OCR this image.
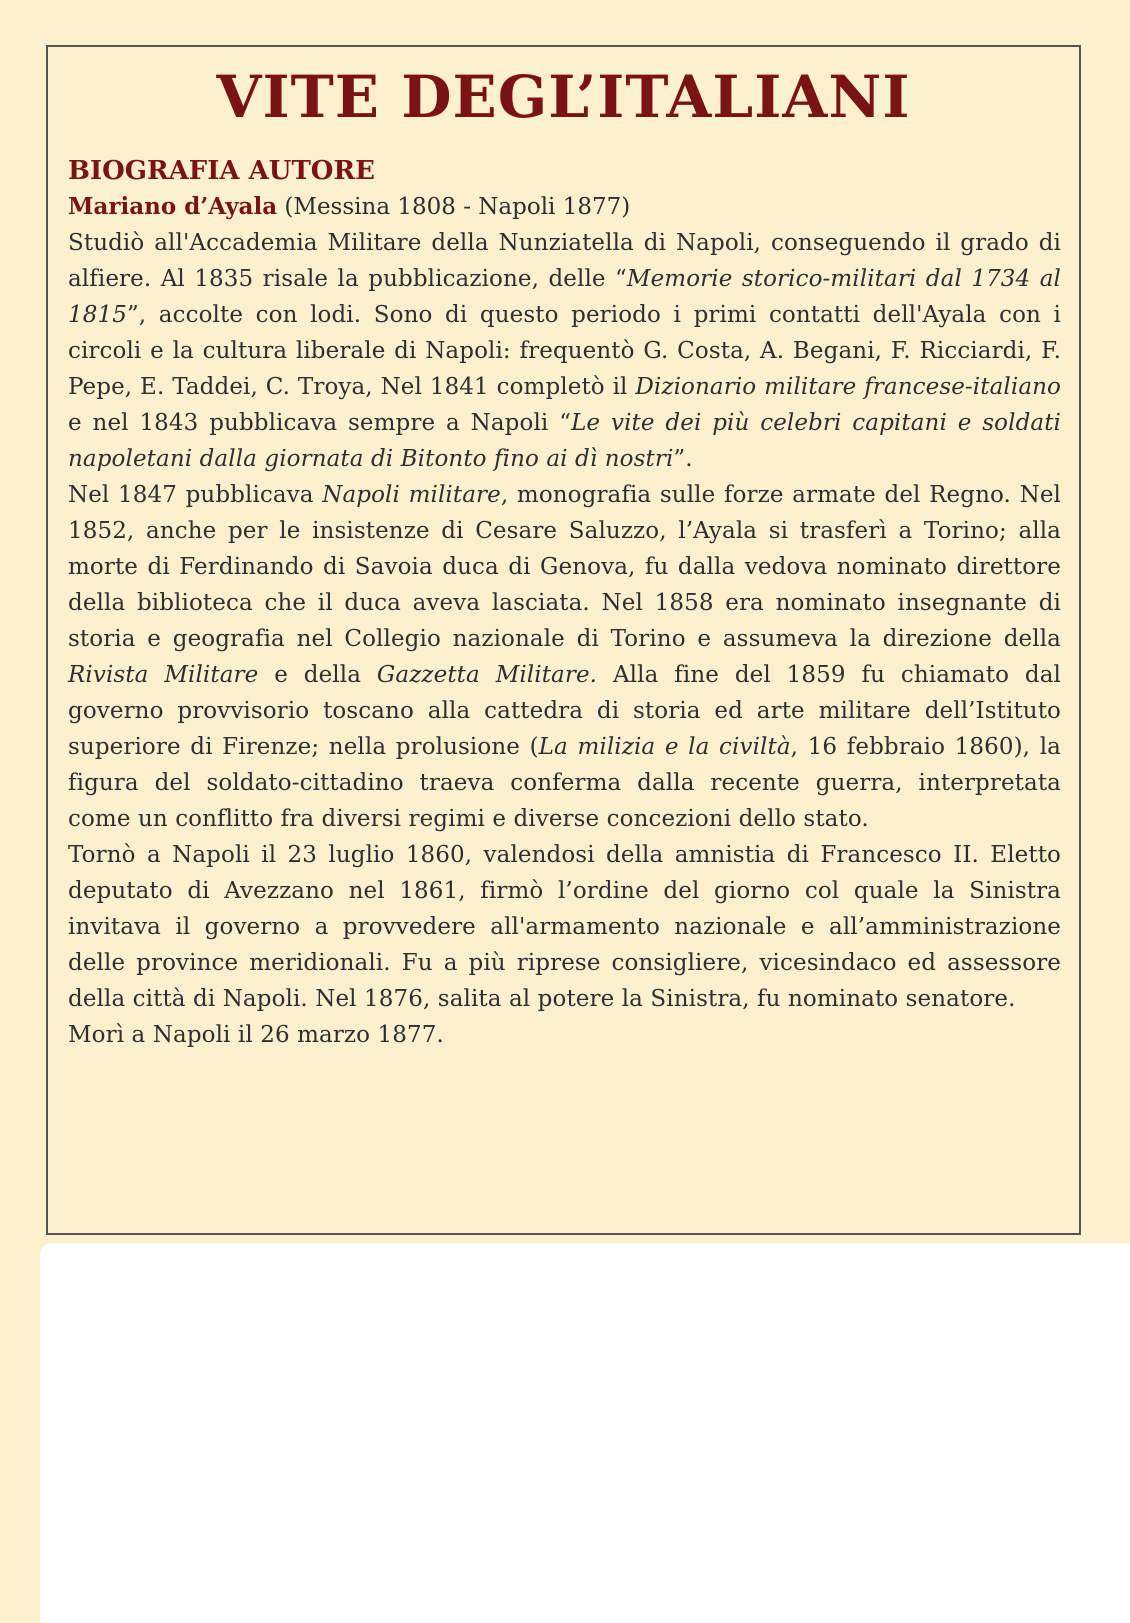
VITE DEGL’ITALIANI
BIOGRAFIA AUTORE

Mariano d’Ayala (Messina 1808 - Napoli 1877)

Studiò all'Accademia Militare della Nunziatella di Napoli, conseguendo il grado di alfiere. Al 1835 risale la pubblicazione, delle “Memorie storico-militari dal 1734 al 1815”, accolte con lodi. Sono di questo periodo i primi contatti dell'Ayala con i circoli e la cultura liberale di Napoli: frequentò G. Costa, A. Begani, F. Ricciardi, F. Pepe, E. Taddei, C. Troya, Nel 1841 completò il Dizionario militare francese-italiano e nel 1843 pubblicava sempre a Napoli “Le vite dei più celebri capitani e soldati napoletani dalla giornata di Bitonto fino ai dì nostri”.

Nel 1847 pubblicava Napoli militare, monografia sulle forze armate del Regno. Nel 1852, anche per le insistenze di Cesare Saluzzo, l’Ayala si trasferì a Torino; alla morte di Ferdinando di Savoia duca di Genova, fu dalla vedova nominato direttore della biblioteca che il duca aveva lasciata. Nel 1858 era nominato insegnante di storia e geografia nel Collegio nazionale di Torino e assumeva la direzione della Rivista Militare e della Gazzetta Militare. Alla fine del 1859 fu chiamato dal governo provvisorio toscano alla cattedra di storia ed arte militare dell’Istituto superiore di Firenze; nella prolusione (La milizia e la civiltà, 16 febbraio 1860), la figura del soldato-cittadino traeva conferma dalla recente guerra, interpretata come un conflitto fra diversi regimi e diverse concezioni dello stato.

Tornò a Napoli il 23 luglio 1860, valendosi della amnistia di Francesco II. Eletto deputato di Avezzano nel 1861, firmò l’ordine del giorno col quale la Sinistra invitava il governo a provvedere all'armamento nazionale e all’amministrazione delle province meridionali. Fu a più riprese consigliere, vicesindaco ed assessore della città di Napoli. Nel 1876, salita al potere la Sinistra, fu nominato senatore.

Morì a Napoli il 26 marzo 1877.
